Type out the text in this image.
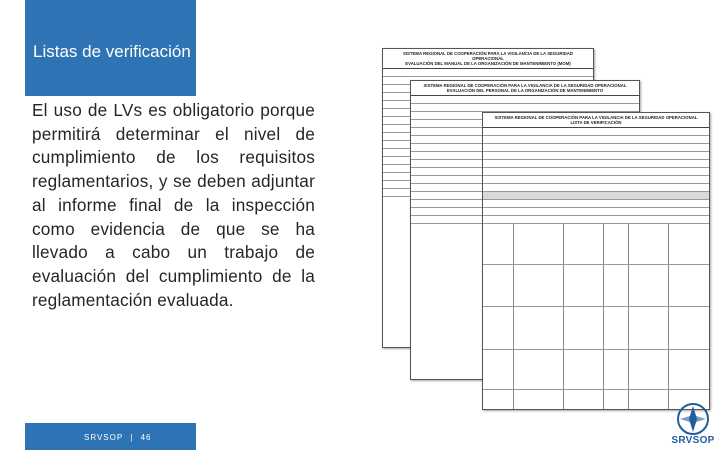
Listas de verificación
El uso de LVs es obligatorio porque permitirá determinar el nivel de cumplimiento de los requisitos reglamentarios, y se deben adjuntar al informe final de la inspección como evidencia de que se ha llevado a cabo un trabajo de evaluación del cumplimiento de la reglamentación evaluada.
SRVSOP | 46
SISTEMA REGIONAL DE COOPERACIÓN PARA LA VIGILANCIA DE LA SEGURIDAD OPERACIONAL
EVALUACIÓN DEL MANUAL DE LA ORGANIZACIÓN DE MANTENIMIENTO (MOM)
SISTEMA REGIONAL DE COOPERACIÓN PARA LA VIGILANCIA DE LA SEGURIDAD OPERACIONAL
EVALUACIÓN DEL PERSONAL DE LA ORGANIZACIÓN DE MANTENIMIENTO
SISTEMA REGIONAL DE COOPERACIÓN PARA LA VIGILANCIA DE LA SEGURIDAD OPERACIONAL
LISTA DE VERIFICACIÓN
SRVSOP
